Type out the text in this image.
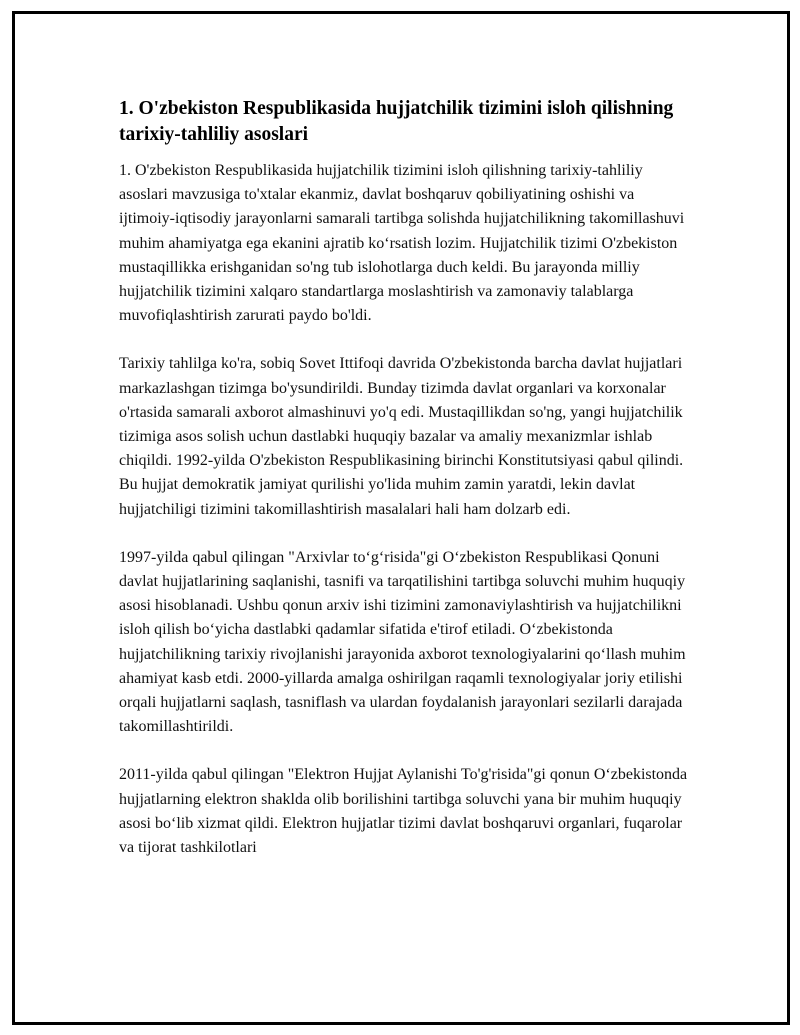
1. O'zbekiston Respublikasida hujjatchilik tizimini isloh qilishning tarixiy-tahliliy asoslari

1. O'zbekiston Respublikasida hujjatchilik tizimini isloh qilishning tarixiy-tahliliy asoslari mavzusiga to'xtalar ekanmiz, davlat boshqaruv qobiliyatining oshishi va ijtimoiy-iqtisodiy jarayonlarni samarali tartibga solishda hujjatchilikning takomillashuvi muhim ahamiyatga ega ekanini ajratib koʻrsatish lozim. Hujjatchilik tizimi O'zbekiston mustaqillikka erishganidan so'ng tub islohotlarga duch keldi. Bu jarayonda milliy hujjatchilik tizimini xalqaro standartlarga moslashtirish va zamonaviy talablarga muvofiqlashtirish zarurati paydo bo'ldi.

Tarixiy tahlilga ko'ra, sobiq Sovet Ittifoqi davrida O'zbekistonda barcha davlat hujjatlari markazlashgan tizimga bo'ysundirildi. Bunday tizimda davlat organlari va korxonalar o'rtasida samarali axborot almashinuvi yo'q edi. Mustaqillikdan so'ng, yangi hujjatchilik tizimiga asos solish uchun dastlabki huquqiy bazalar va amaliy mexanizmlar ishlab chiqildi. 1992-yilda O'zbekiston Respublikasining birinchi Konstitutsiyasi qabul qilindi. Bu hujjat demokratik jamiyat qurilishi yo'lida muhim zamin yaratdi, lekin davlat hujjatchiligi tizimini takomillashtirish masalalari hali ham dolzarb edi.

1997-yilda qabul qilingan "Arxivlar toʻgʻrisida"gi Oʻzbekiston Respublikasi Qonuni davlat hujjatlarining saqlanishi, tasnifi va tarqatilishini tartibga soluvchi muhim huquqiy asosi hisoblanadi. Ushbu qonun arxiv ishi tizimini zamonaviylashtirish va hujjatchilikni isloh qilish boʻyicha dastlabki qadamlar sifatida e'tirof etiladi. Oʻzbekistonda hujjatchilikning tarixiy rivojlanishi jarayonida axborot texnologiyalarini qoʻllash muhim ahamiyat kasb etdi. 2000-yillarda amalga oshirilgan raqamli texnologiyalar joriy etilishi orqali hujjatlarni saqlash, tasniflash va ulardan foydalanish jarayonlari sezilarli darajada takomillashtirildi.

2011-yilda qabul qilingan "Elektron Hujjat Aylanishi To'g'risida"gi qonun Oʻzbekistonda hujjatlarning elektron shaklda olib borilishini tartibga soluvchi yana bir muhim huquqiy asosi boʻlib xizmat qildi. Elektron hujjatlar tizimi davlat boshqaruvi organlari, fuqarolar va tijorat tashkilotlari
